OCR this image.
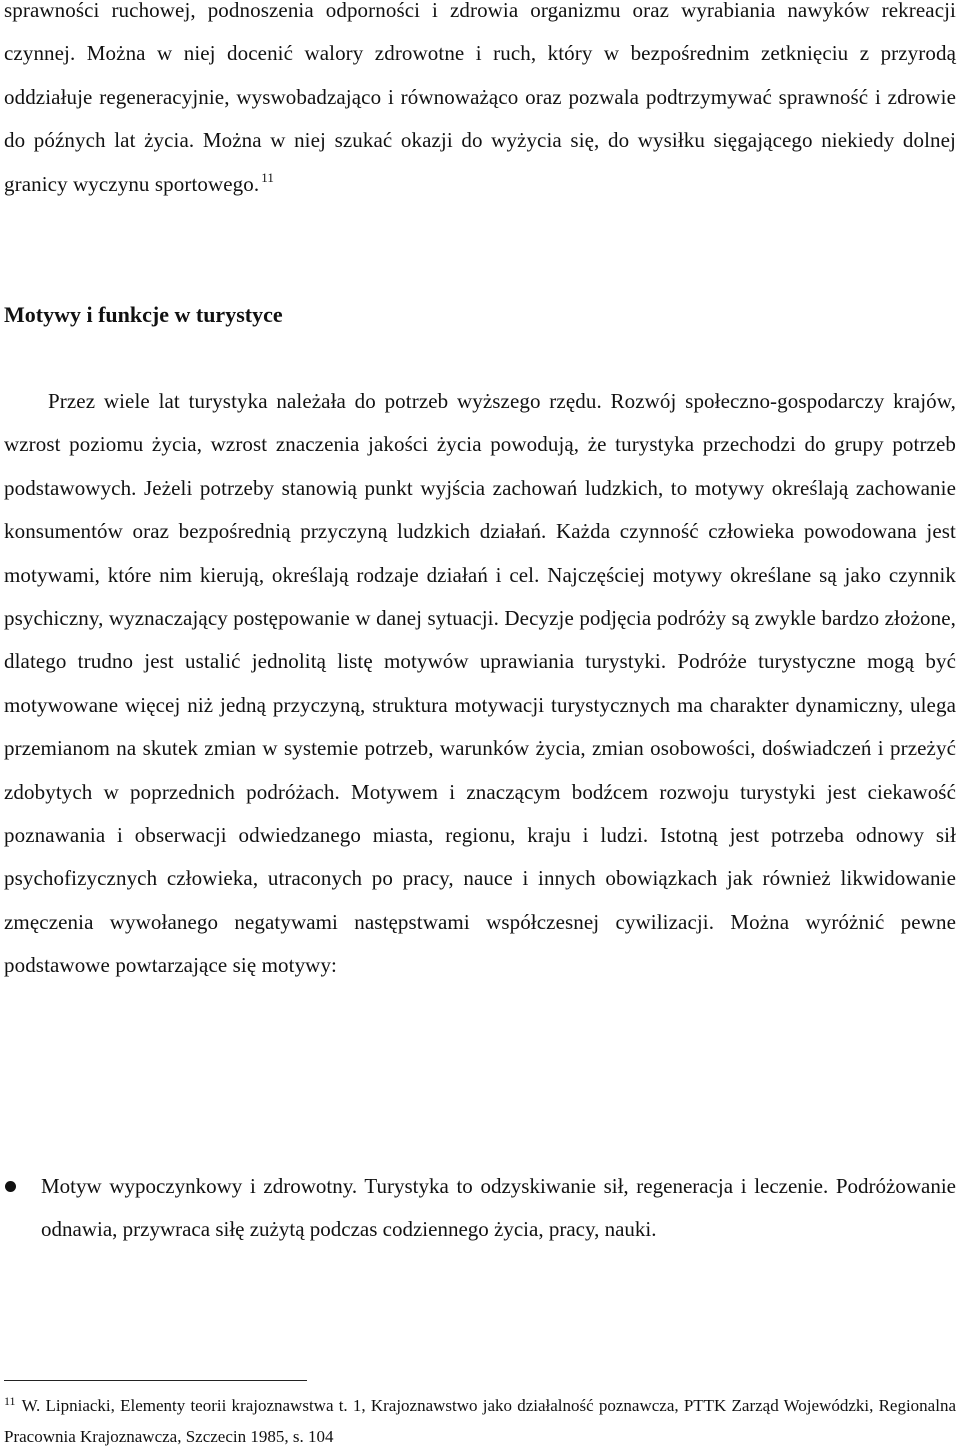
sprawności ruchowej, podnoszenia odporności i zdrowia organizmu oraz wyrabiania nawyków rekreacji czynnej. Można w niej docenić walory zdrowotne i ruch, który w bezpośrednim zetknięciu z przyrodą oddziałuje regeneracyjnie, wyswobadzająco i równoważąco oraz pozwala podtrzymywać sprawność i zdrowie do późnych lat życia. Można w niej szukać okazji do wyżycia się, do wysiłku sięgającego niekiedy dolnej granicy wyczynu sportowego. $^{11}$

Motywy i funkcje w turystyce

Przez wiele lat turystyka należała do potrzeb wyższego rzędu. Rozwój społeczno-gospodarczy krajów, wzrost poziomu życia, wzrost znaczenia jakości życia powodują, że turystyka przechodzi do grupy potrzeb podstawowych. Jeżeli potrzeby stanowią punkt wyjścia zachowań ludzkich, to motywy określają zachowanie konsumentów oraz bezpośrednią przyczyną ludzkich działań. Każda czynność człowieka powodowana jest motywami, które nim kierują, określają rodzaje działań i cel. Najczęściej motywy określane są jako czynnik psychiczny, wyznaczający postępowanie w danej sytuacji. Decyzje podjęcia podróży są zwykle bardzo złożone, dlatego trudno jest ustalić jednolitą listę motywów uprawiania turystyki. Podróże turystyczne mogą być motywowane więcej niż jedną przyczyną, struktura motywacji turystycznych ma charakter dynamiczny, ulega przemianom na skutek zmian w systemie potrzeb, warunków życia, zmian osobowości, doświadczeń i przeżyć zdobytych w poprzednich podróżach. Motywem i znaczącym bodźcem rozwoju turystyki jest ciekawość poznawania i obserwacji odwiedzanego miasta, regionu, kraju i ludzi. Istotną jest potrzeba odnowy sił psychofizycznych człowieka, utraconych po pracy, nauce i innych obowiązkach jak również likwidowanie zmęczenia wywołanego negatywami następstwami współczesnej cywilizacji. Można wyróżnić pewne podstawowe powtarzające się motywy:

Motyw wypoczynkowy i zdrowotny. Turystyka to odzyskiwanie sił, regeneracja i leczenie. Podróżowanie odnawia, przywraca siłę zużytą podczas codziennego życia, pracy, nauki.

$^{11}$ W. Lipniacki, Elementy teorii krajoznawstwa t. 1, Krajoznawstwo jako działalność poznawcza, PTTK Zarząd Wojewódzki, Regionalna Pracownia Krajoznawcza, Szczecin 1985, s. 104
